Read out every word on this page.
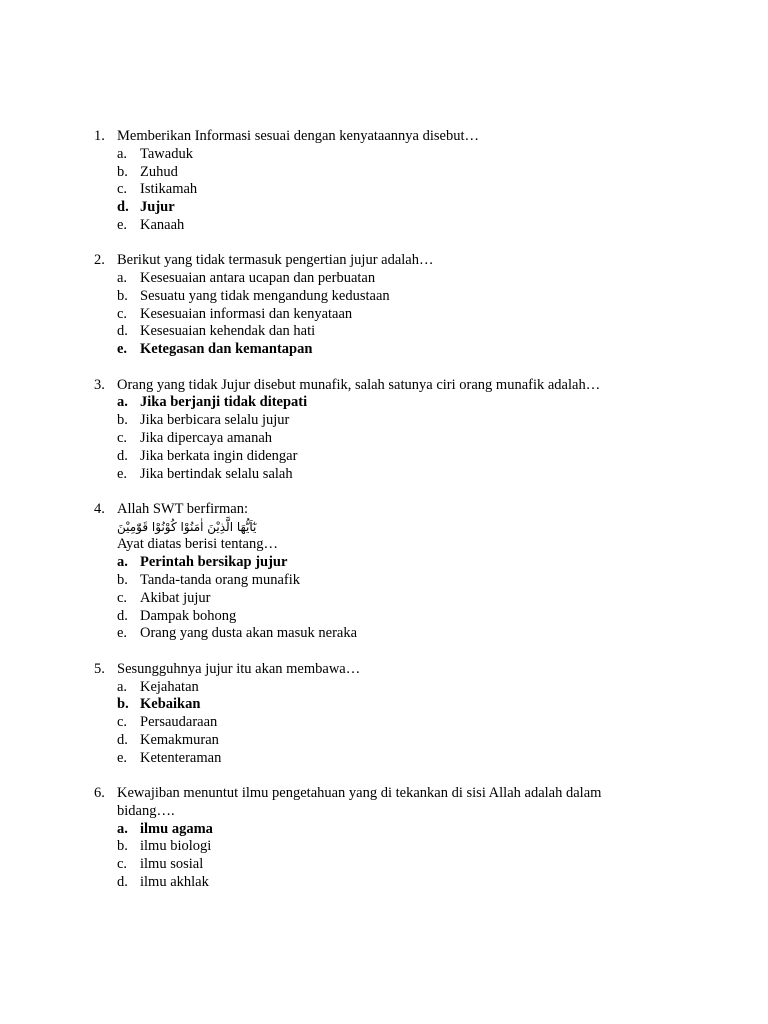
1. Memberikan Informasi sesuai dengan kenyataannya disebut…
a. Tawaduk
b. Zuhud
c. Istikamah
d. Jujur
e. Kanaah
2. Berikut yang tidak termasuk pengertian jujur adalah…
a. Kesesuaian antara ucapan dan perbuatan
b. Sesuatu yang tidak mengandung kedustaan
c. Kesesuaian informasi dan kenyataan
d. Kesesuaian kehendak dan hati
e. Ketegasan dan kemantapan
3. Orang yang tidak Jujur disebut munafik, salah satunya ciri orang munafik adalah…
a. Jika berjanji tidak ditepati
b. Jika berbicara selalu jujur
c. Jika dipercaya amanah
d. Jika berkata ingin didengar
e. Jika bertindak selalu salah
4. Allah SWT berfirman:
يٰٓاَيُّهَا الَّذِيْنَ اٰمَنُوْا كُوْنُوْا قَوّٰمِيْنَ
Ayat diatas berisi tentang…
a. Perintah bersikap jujur
b. Tanda-tanda orang munafik
c. Akibat jujur
d. Dampak bohong
e. Orang yang dusta akan masuk neraka
5. Sesungguhnya jujur itu akan membawa…
a. Kejahatan
b. Kebaikan
c. Persaudaraan
d. Kemakmuran
e. Ketenteraman
6. Kewajiban menuntut ilmu pengetahuan yang di tekankan di sisi Allah adalah dalam bidang….
a. ilmu agama
b. ilmu biologi
c. ilmu sosial
d. ilmu akhlak
